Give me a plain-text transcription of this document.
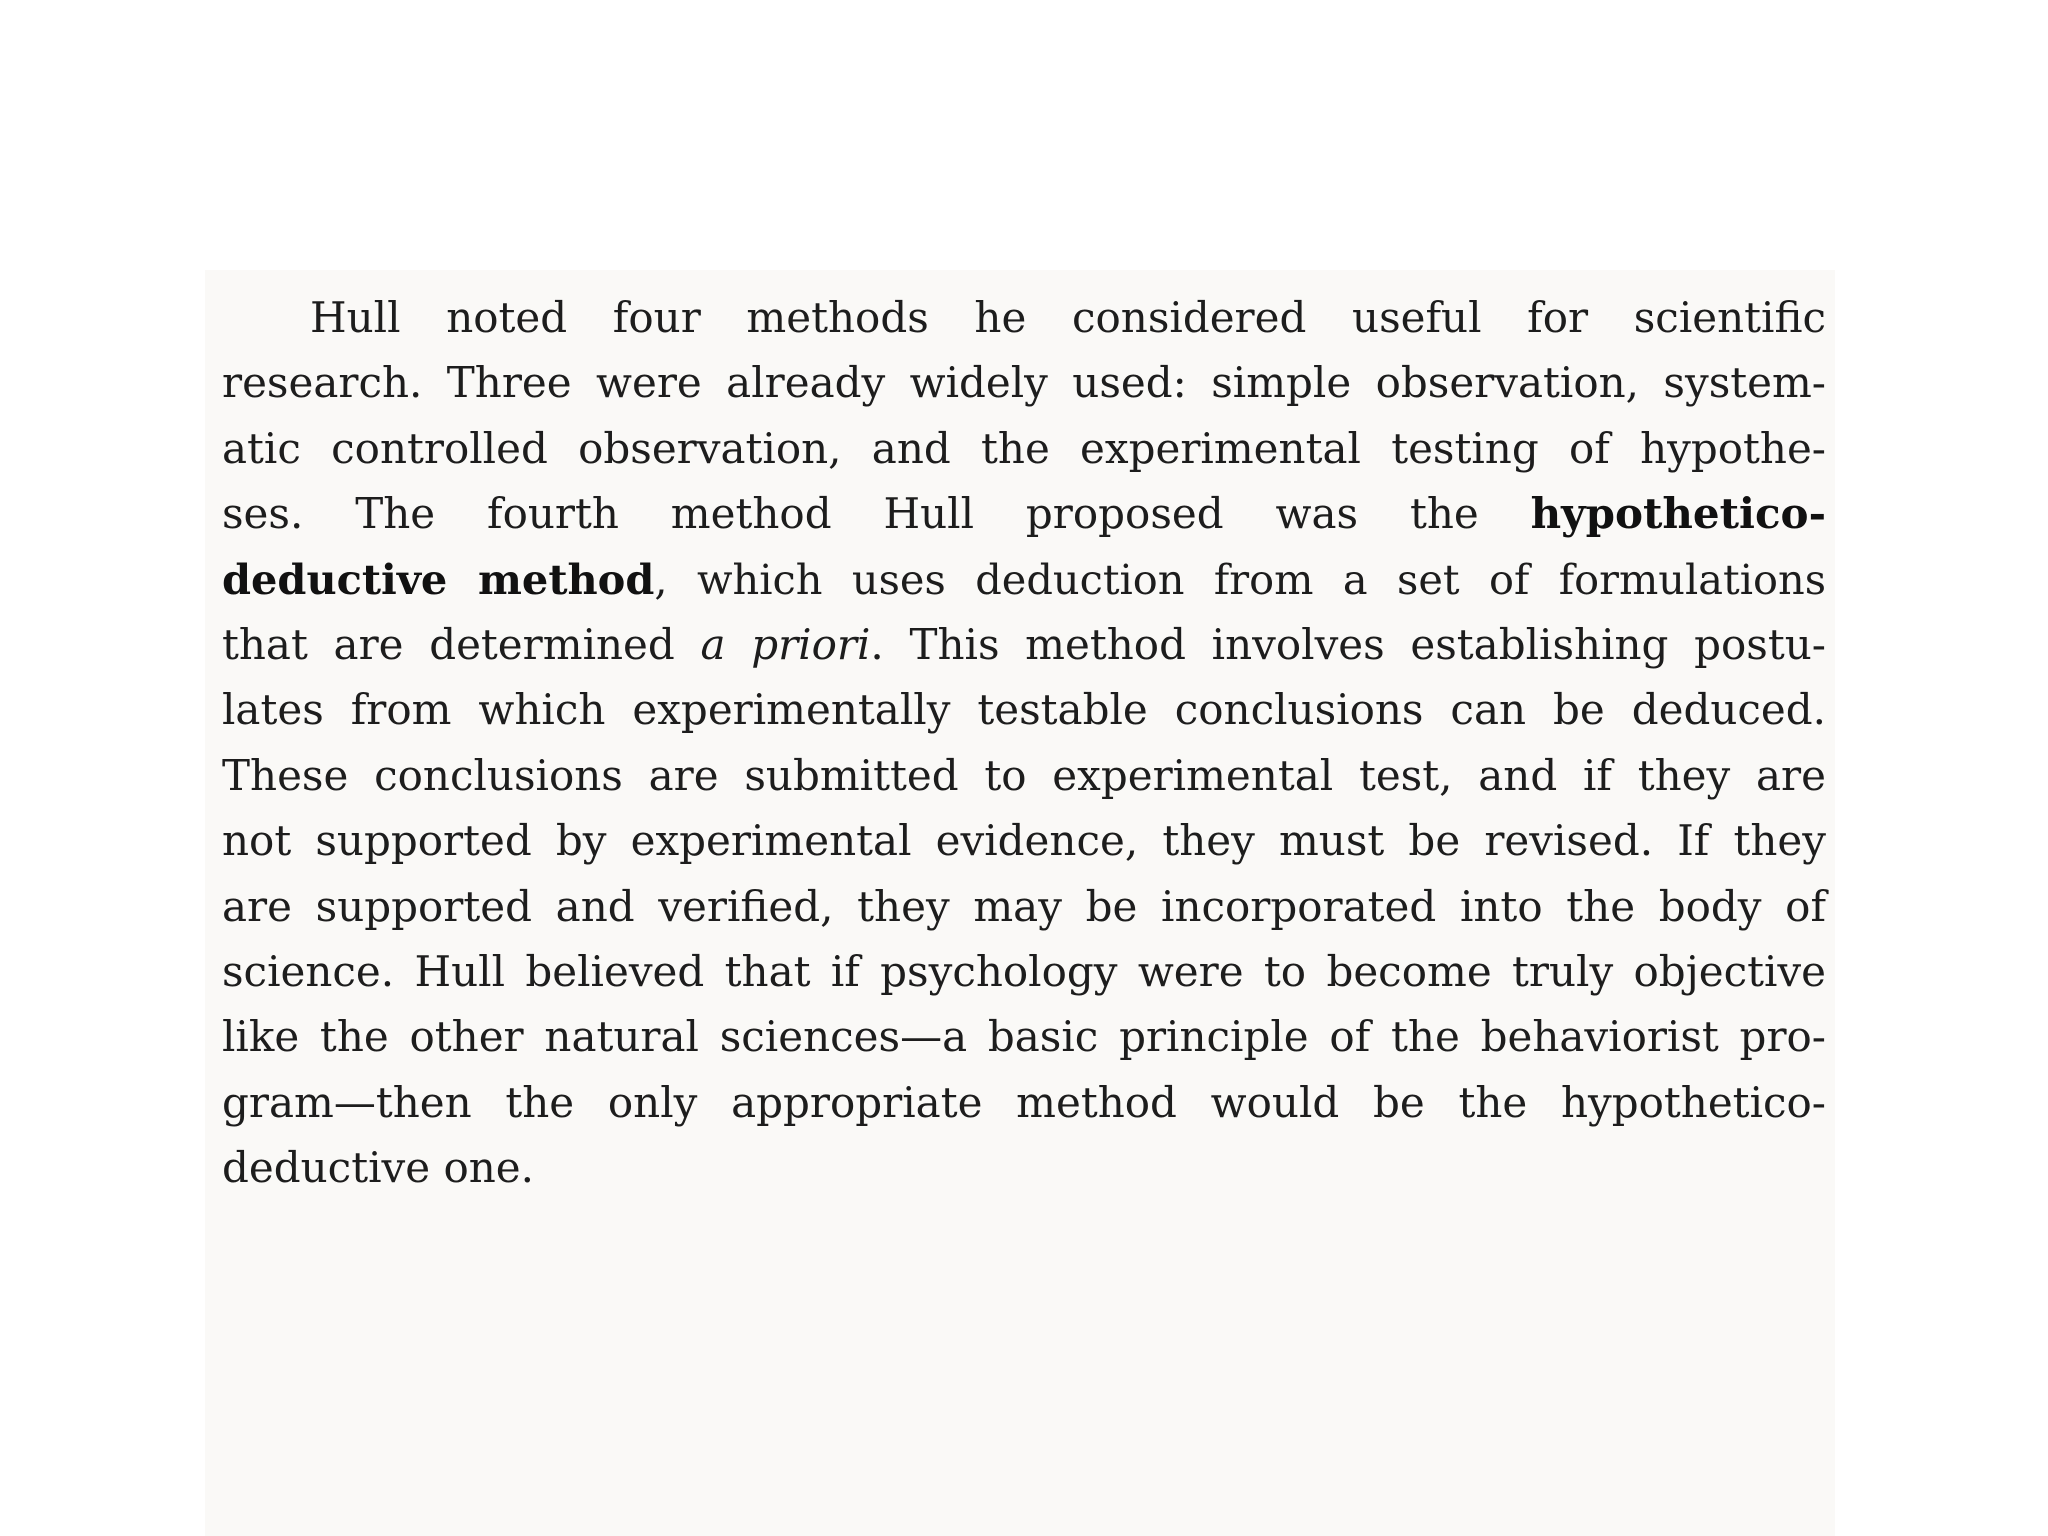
Hull noted four methods he considered useful for scientific
research. Three were already widely used: simple observation, system-
atic controlled observation, and the experimental testing of hypothe-
ses. The fourth method Hull proposed was the hypothetico-
deductive method, which uses deduction from a set of formulations
that are determined a priori. This method involves establishing postu-
lates from which experimentally testable conclusions can be deduced.
These conclusions are submitted to experimental test, and if they are
not supported by experimental evidence, they must be revised. If they
are supported and verified, they may be incorporated into the body of
science. Hull believed that if psychology were to become truly objective
like the other natural sciences—a basic principle of the behaviorist pro-
gram—then the only appropriate method would be the hypothetico-
deductive one.
